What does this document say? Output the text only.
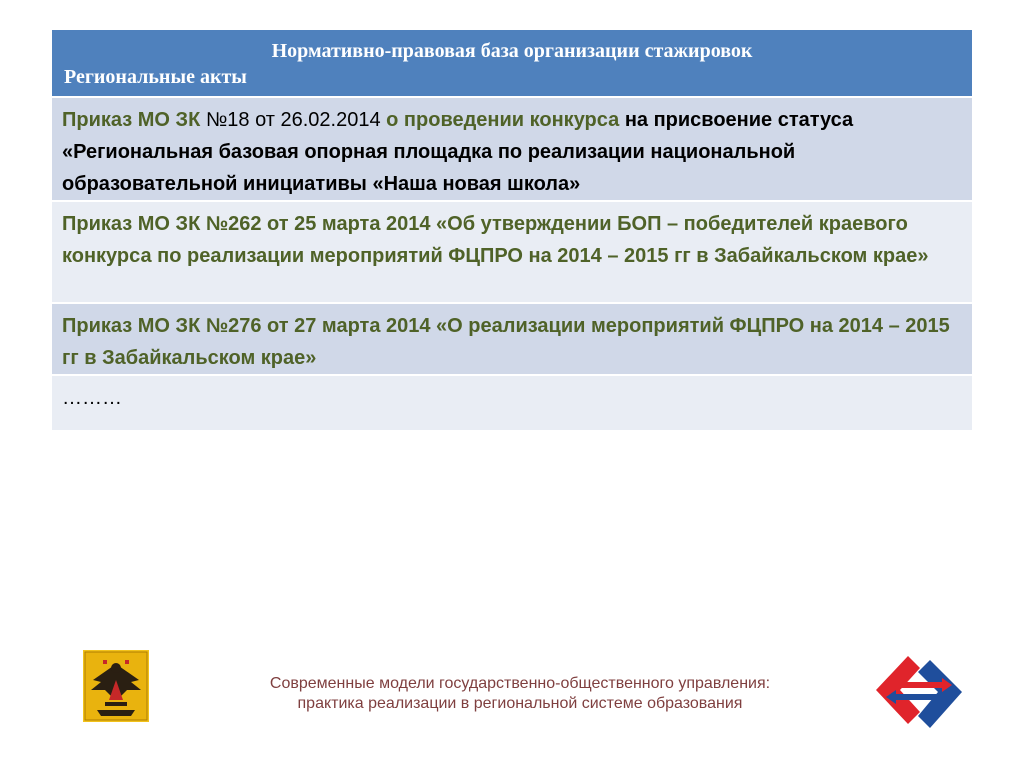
Нормативно-правовая база организации стажировок
Региональные акты
Приказ МО ЗК №18 от 26.02.2014 о проведении конкурса на присвоение статуса «Региональная базовая опорная площадка по реализации национальной образовательной инициативы «Наша новая школа»
Приказ МО ЗК №262 от 25 марта 2014 «Об утверждении БОП – победителей краевого конкурса по реализации мероприятий ФЦПРО на 2014 – 2015 гг в Забайкальском крае»
Приказ МО ЗК №276 от 27 марта 2014 «О реализации мероприятий ФЦПРО на 2014 – 2015 гг в Забайкальском крае»
………
Современные модели государственно-общественного управления:
практика реализации в региональной системе образования
